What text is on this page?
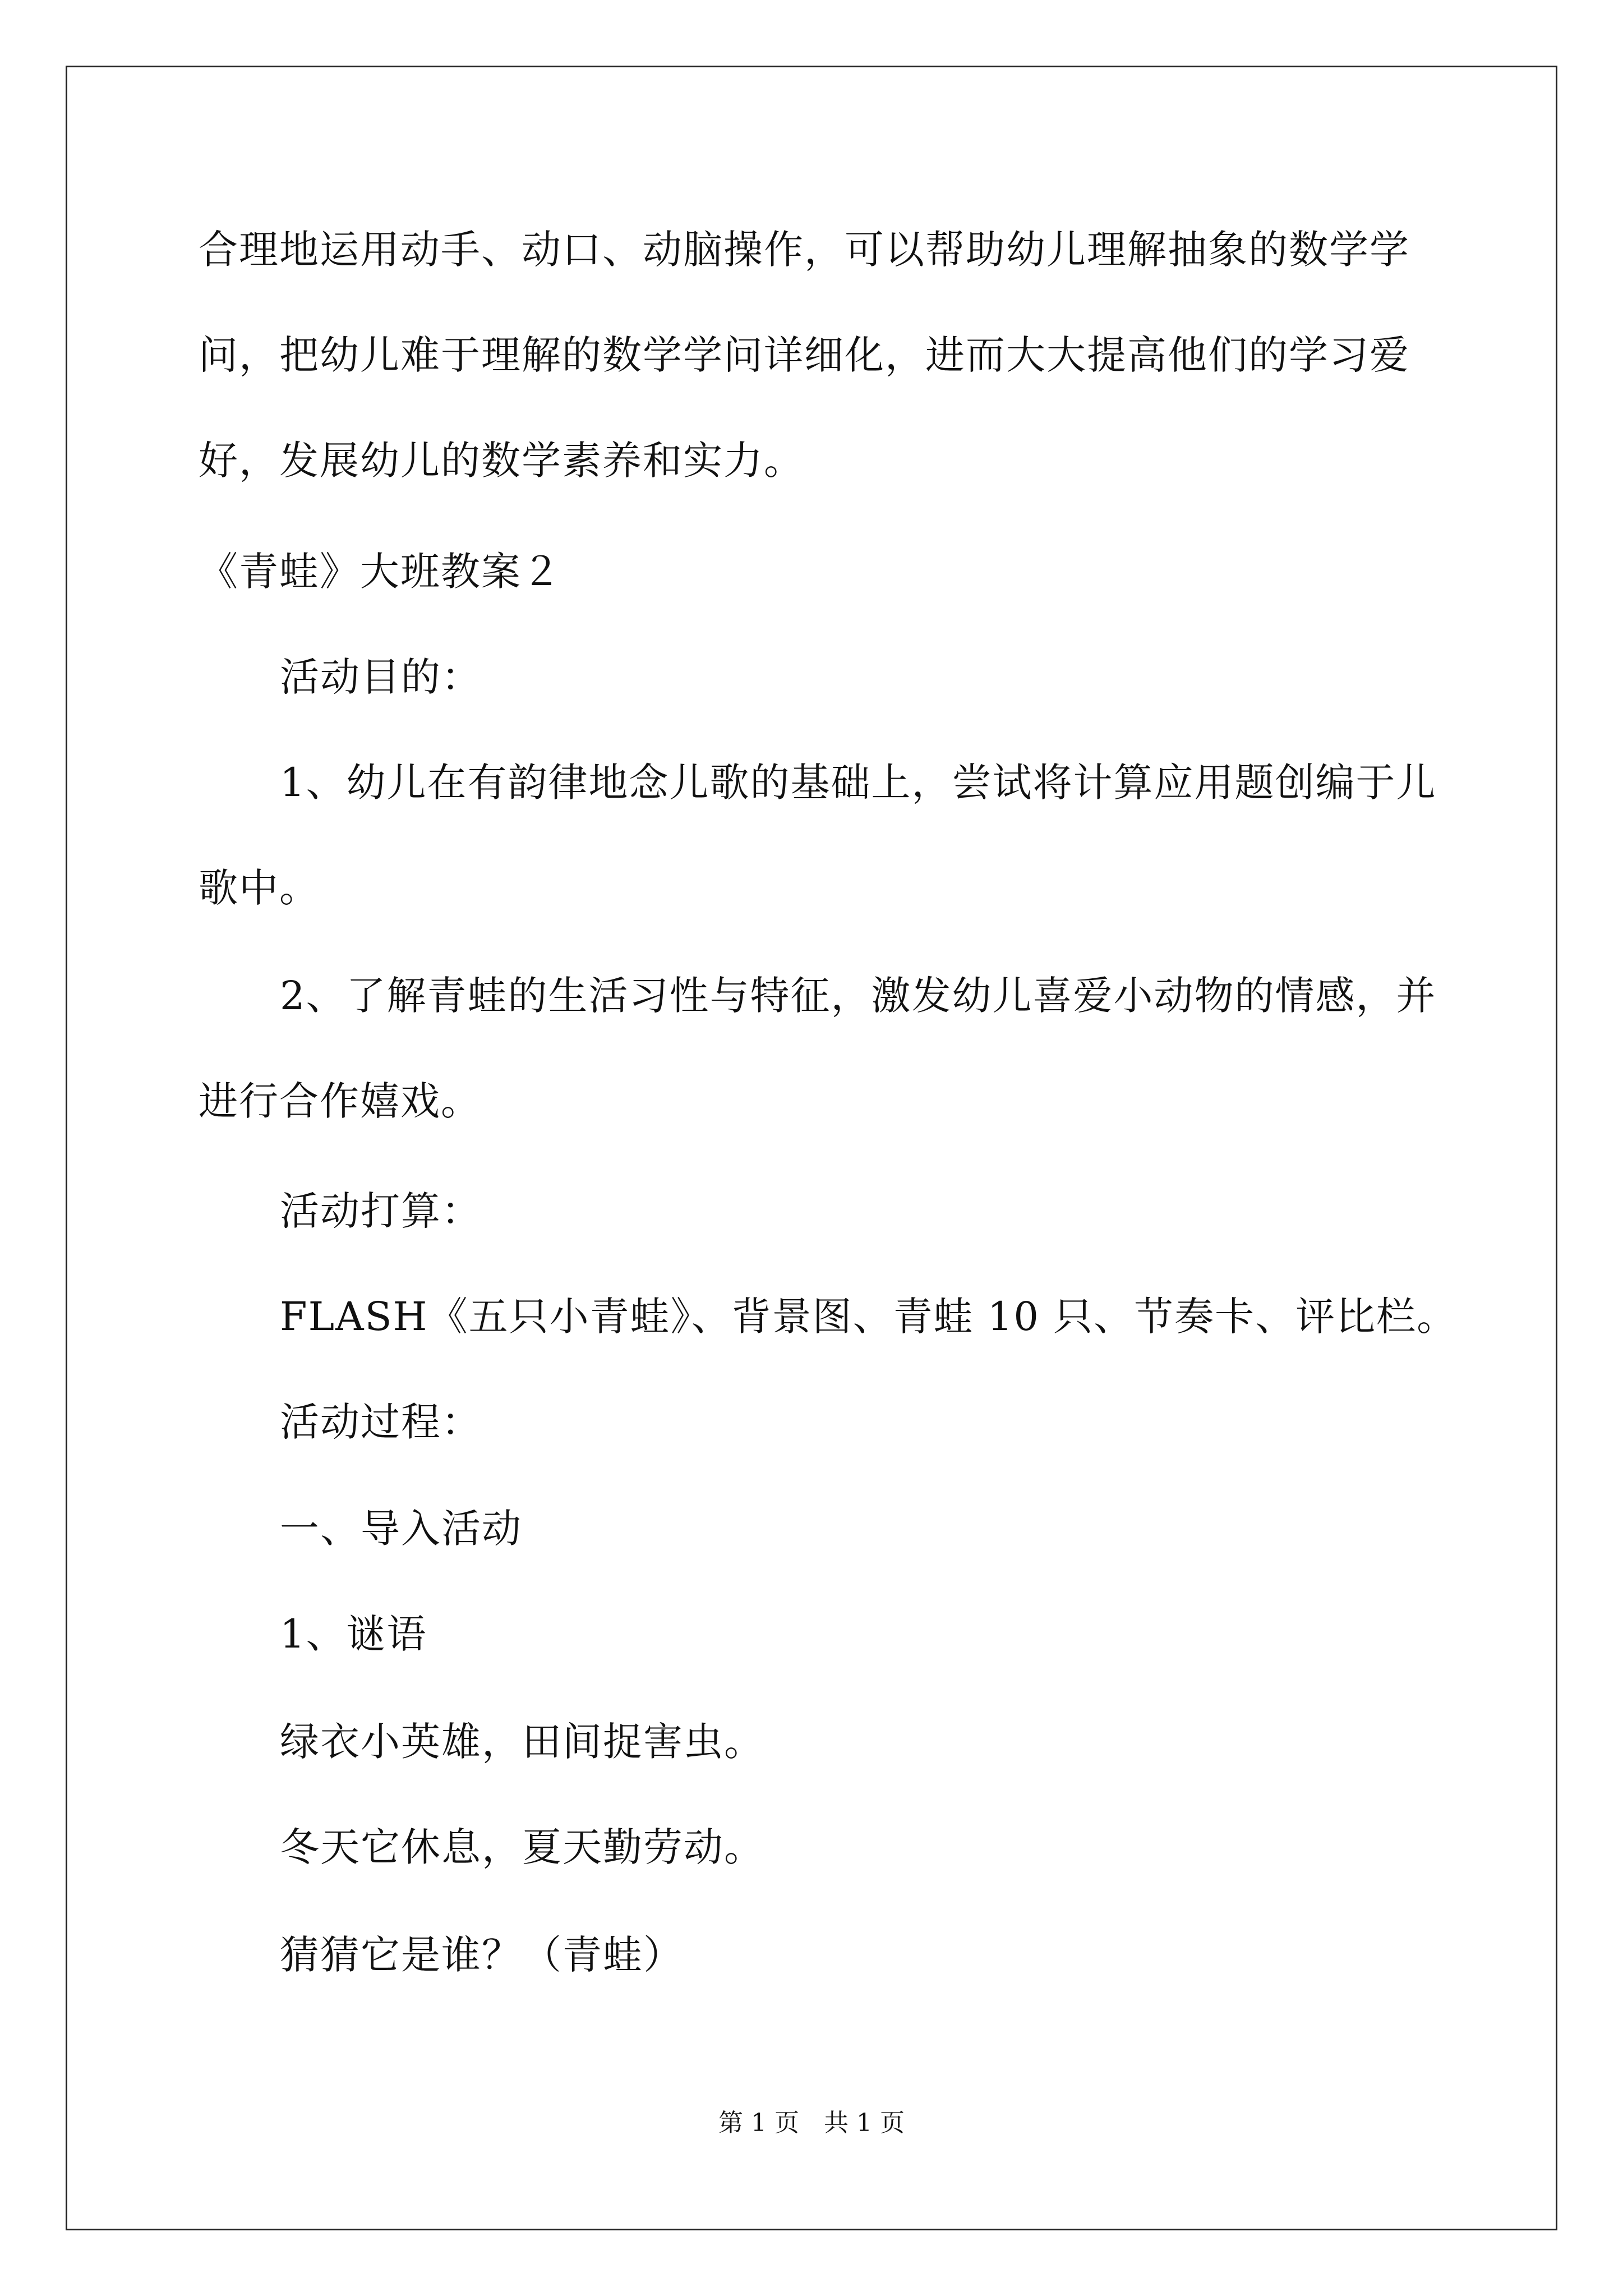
合理地运用动手、动口、动脑操作，可以帮助幼儿理解抽象的数学学
问，把幼儿难于理解的数学学问详细化，进而大大提高他们的学习爱
好，发展幼儿的数学素养和实力。
《青蛙》大班教案２
活动目的：
1、幼儿在有韵律地念儿歌的基础上，尝试将计算应用题创编于儿
歌中。
2、了解青蛙的生活习性与特征，激发幼儿喜爱小动物的情感，并
进行合作嬉戏。
活动打算：
FLASH《五只小青蛙》、背景图、青蛙 10 只、节奏卡、评比栏。
活动过程：
一、导入活动
1、谜语
绿衣小英雄，田间捉害虫。
冬天它休息，夏天勤劳动。
猜猜它是谁？（青蛙）
第 1 页　共 1 页
